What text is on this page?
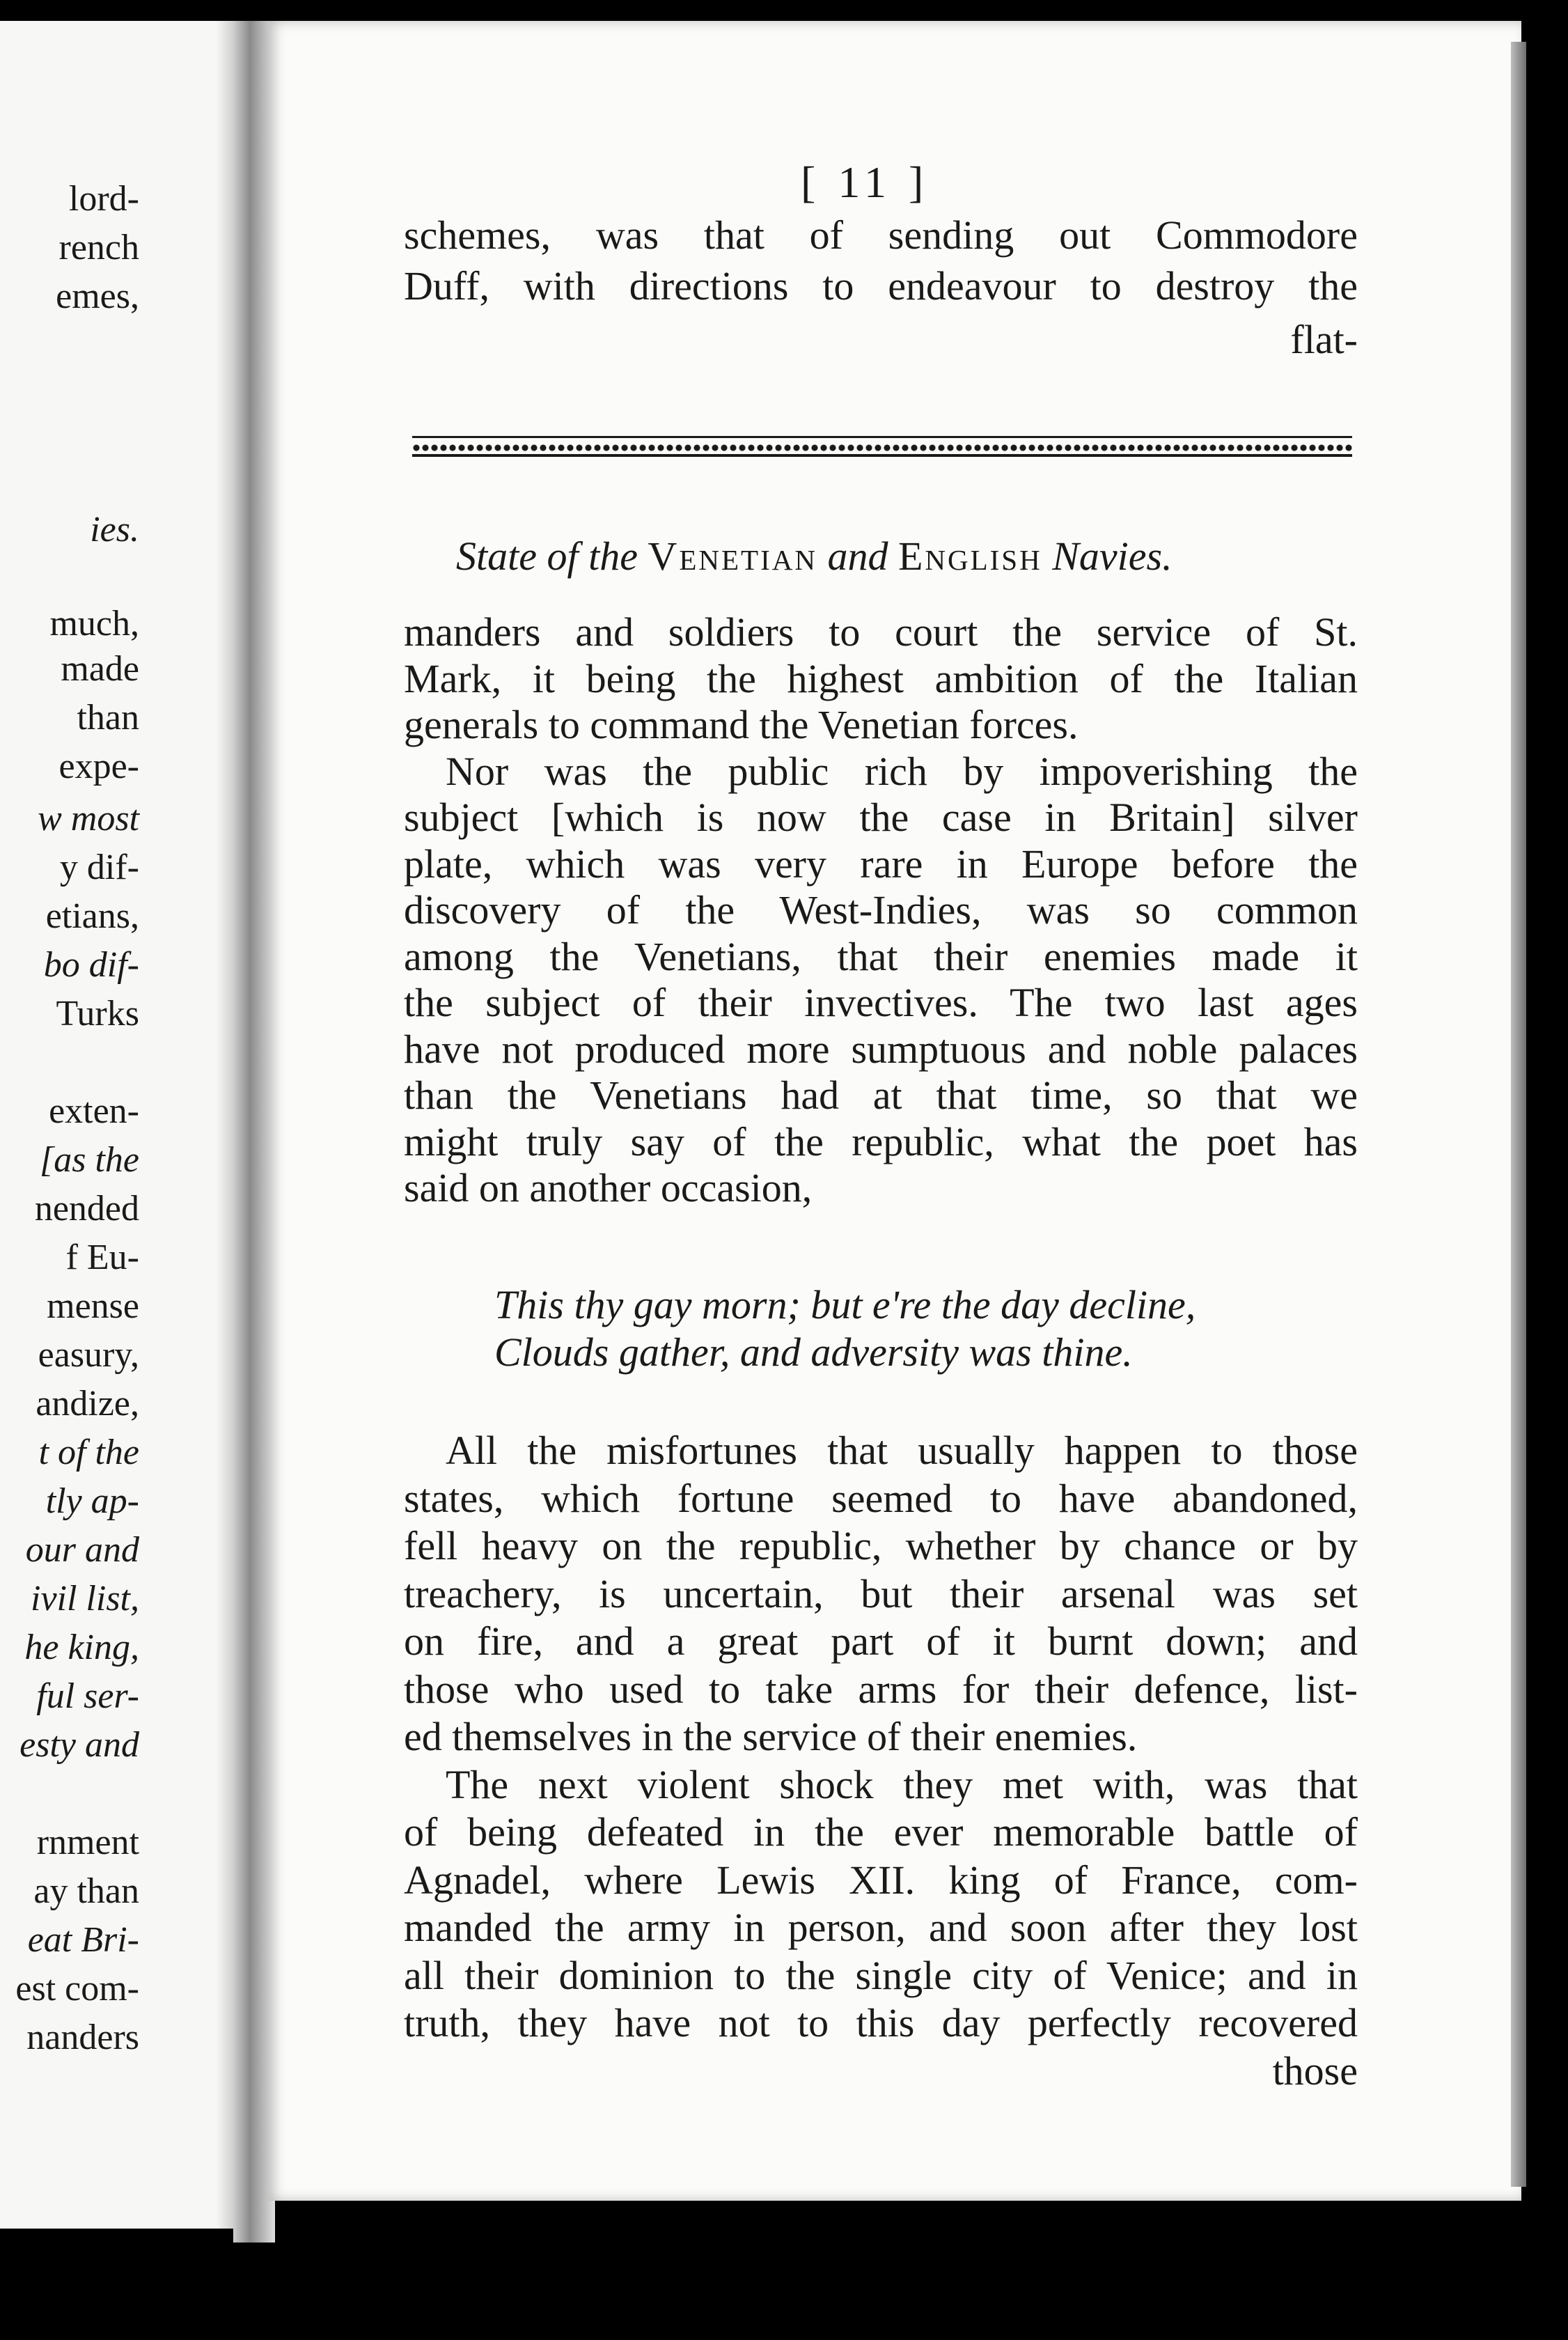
lord-
rench
emes,
ies.
much,
made
than
expe-
w most
y dif-
etians,
bo dif-
Turks
exten-
[as the
nended
f Eu-
mense
easury,
andize,
t of the
tly ap-
our and
ivil list,
he king,
ful ser-
esty and
rnment
ay than
eat Bri-
est com-
nanders
[ 11 ]
schemes, was that of sending out Commodore
Duff, with directions to endeavour to destroy the
flat-
State of the Venetian and English Navies.
manders and soldiers to court the service of St.
Mark, it being the highest ambition of the Italian
generals to command the Venetian forces.
Nor was the public rich by impoverishing the
subject [which is now the case in Britain] silver
plate, which was very rare in Europe before the
discovery of the West-Indies, was so common
among the Venetians, that their enemies made it
the subject of their invectives. The two last ages
have not produced more sumptuous and noble palaces
than the Venetians had at that time, so that we
might truly say of the republic, what the poet has
said on another occasion,
This thy gay morn; but e're the day decline,
Clouds gather, and adversity was thine.
All the misfortunes that usually happen to those
states, which fortune seemed to have abandoned,
fell heavy on the republic, whether by chance or by
treachery, is uncertain, but their arsenal was set
on fire, and a great part of it burnt down; and
those who used to take arms for their defence, list-
ed themselves in the service of their enemies.
The next violent shock they met with, was that
of being defeated in the ever memorable battle of
Agnadel, where Lewis XII. king of France, com-
manded the army in person, and soon after they lost
all their dominion to the single city of Venice; and in
truth, they have not to this day perfectly recovered
those
